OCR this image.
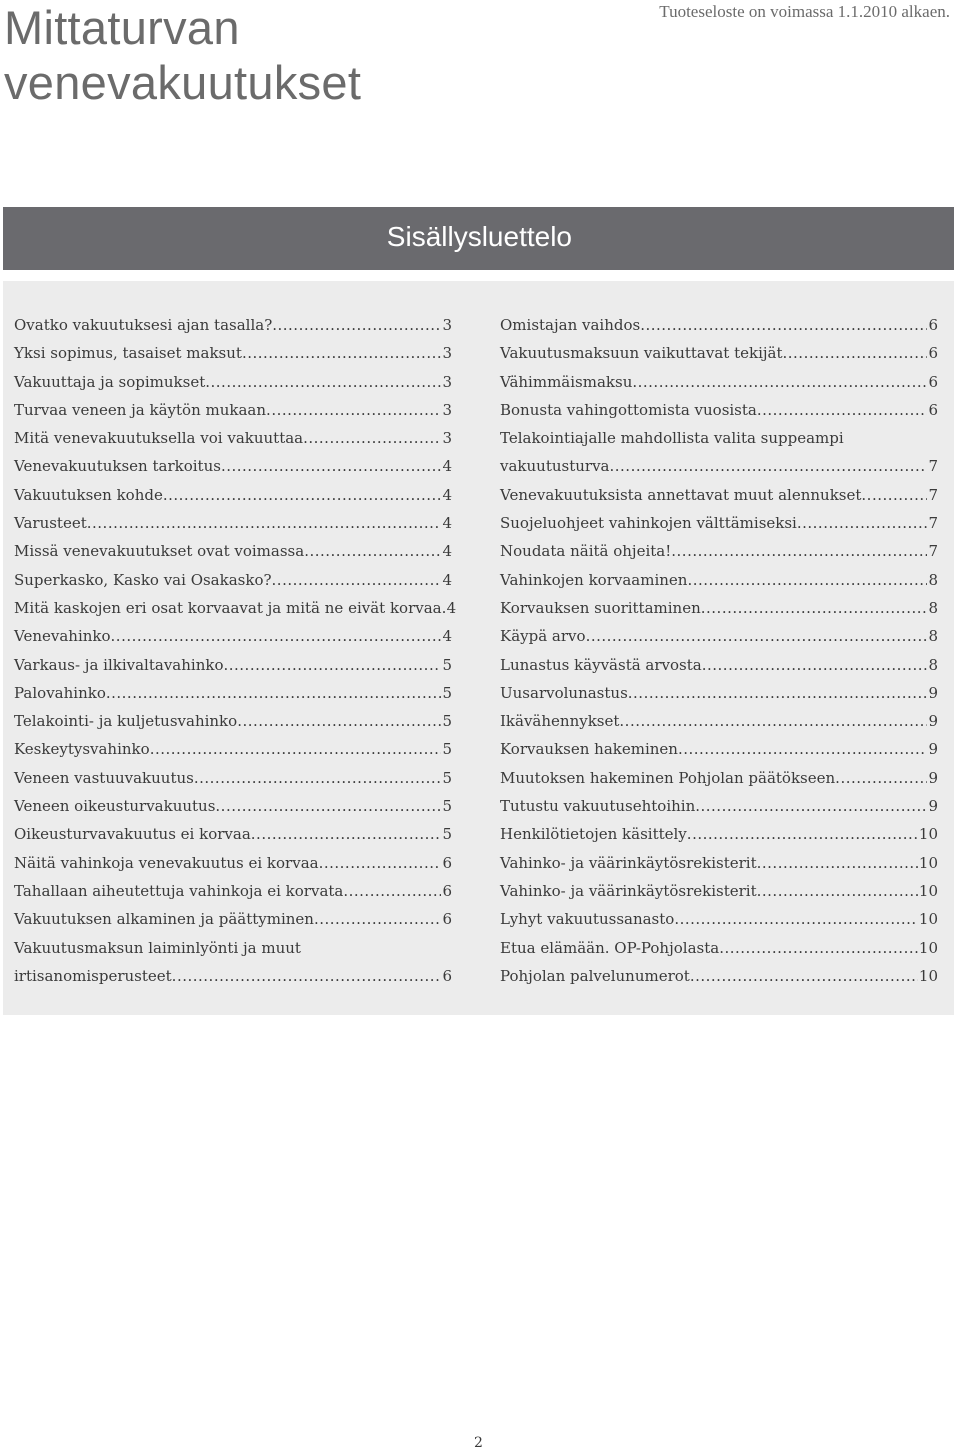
Mittaturvan
venevakuutukset
Tuoteseloste on voimassa 1.1.2010 alkaen.
Sisällysluettelo
Ovatko vakuutuksesi ajan tasalla? .....	3
Yksi sopimus, tasaiset maksut .....	3
Vakuuttaja ja sopimukset .....	3
Turvaa veneen ja käytön mukaan .....	3
Mitä venevakuutuksella voi vakuuttaa .....	3
Venevakuutuksen tarkoitus .....	4
Vakuutuksen kohde .....	4
Varusteet .....	4
Missä venevakuutukset ovat voimassa .....	4
Superkasko, Kasko vai Osakasko? .....	4
Mitä kaskojen eri osat korvaavat ja mitä ne eivät korvaa ..... 4
Venevahinko .....	4
Varkaus- ja ilkivaltavahinko .....	5
Palovahinko .....	5
Telakointi- ja kuljetusvahinko .....	5
Keskeytysvahinko .....	5
Veneen vastuuvakuutus .....	5
Veneen oikeusturvakuutus .....	5
Oikeusturvavakuutus ei korvaa .....	5
Näitä vahinkoja venevakuutus ei korvaa .....	6
Tahallaan aiheutettuja vahinkoja ei korvata .....	6
Vakuutuksen alkaminen ja päättyminen .....	6
Vakuutusmaksun laiminlyönti ja muut
irtisanomisperusteet .....	6
Omistajan vaihdos .....	6
Vakuutusmaksuun vaikuttavat tekijät .....	6
Vähimmäismaksu .....	6
Bonusta vahingottomista vuosista .....	6
Telakointiajalle mahdollista valita suppeampi
vakuutusturva .....	7
Venevakuutuksista annettavat muut alennukset .....	7
Suojeluohjeet vahinkojen välttämiseksi .....	7
Noudata näitä ohjeita! .....	7
Vahinkojen korvaaminen .....	8
Korvauksen suorittaminen .....	8
Käypä arvo .....	8
Lunastus käyvästä arvosta .....	8
Uusarvolunastus .....	9
Ikävähennykset .....	9
Korvauksen hakeminen .....	9
Muutoksen hakeminen Pohjolan päätökseen .....	9
Tutustu vakuutusehtoihin .....	9
Henkilötietojen käsittely .....	10
Vahinko- ja väärinkäytösrekisterit .....	10
Vahinko- ja väärinkäytösrekisterit .....	10
Lyhyt vakuutussanasto .....	10
Etua elämään. OP-Pohjolasta .....	10
Pohjolan palvelunumerot .....	10
2
